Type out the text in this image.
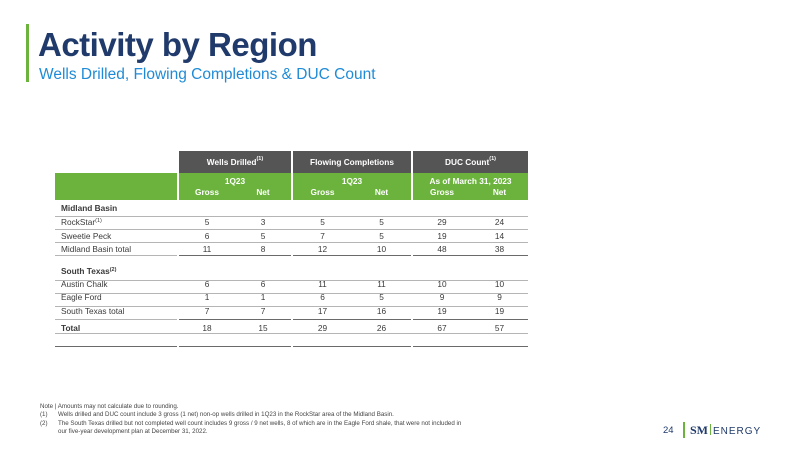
Activity by Region
Wells Drilled, Flowing Completions & DUC Count
Wells Drilled$^{(1)}$	Flowing Completions	DUC Count$^{(1)}$
1Q23
Gross	Net
1Q23
Gross	Net
As of March 31, 2023
Gross	Net
Midland Basin
RockStar$^{(1)}$	5	3	5	5	29	24
Sweetie Peck	6	5	7	5	19	14
Midland Basin total	11	8	12	10	48	38
South Texas$^{(2)}$
Austin Chalk	6	6	11	11	10	10
Eagle Ford	1	1	6	5	9	9
South Texas total	7	7	17	16	19	19
Total	18	15	29	26	67	57
Note | Amounts may not calculate due to rounding.
(1) Wells drilled and DUC count include 3 gross (1 net) non-op wells drilled in 1Q23 in the RockStar area of the Midland Basin.
(2) The South Texas drilled but not completed well count includes 9 gross / 9 net wells, 8 of which are in the Eagle Ford shale, that were not included in
our five-year development plan at December 31, 2022.	24 SM ENERGY
